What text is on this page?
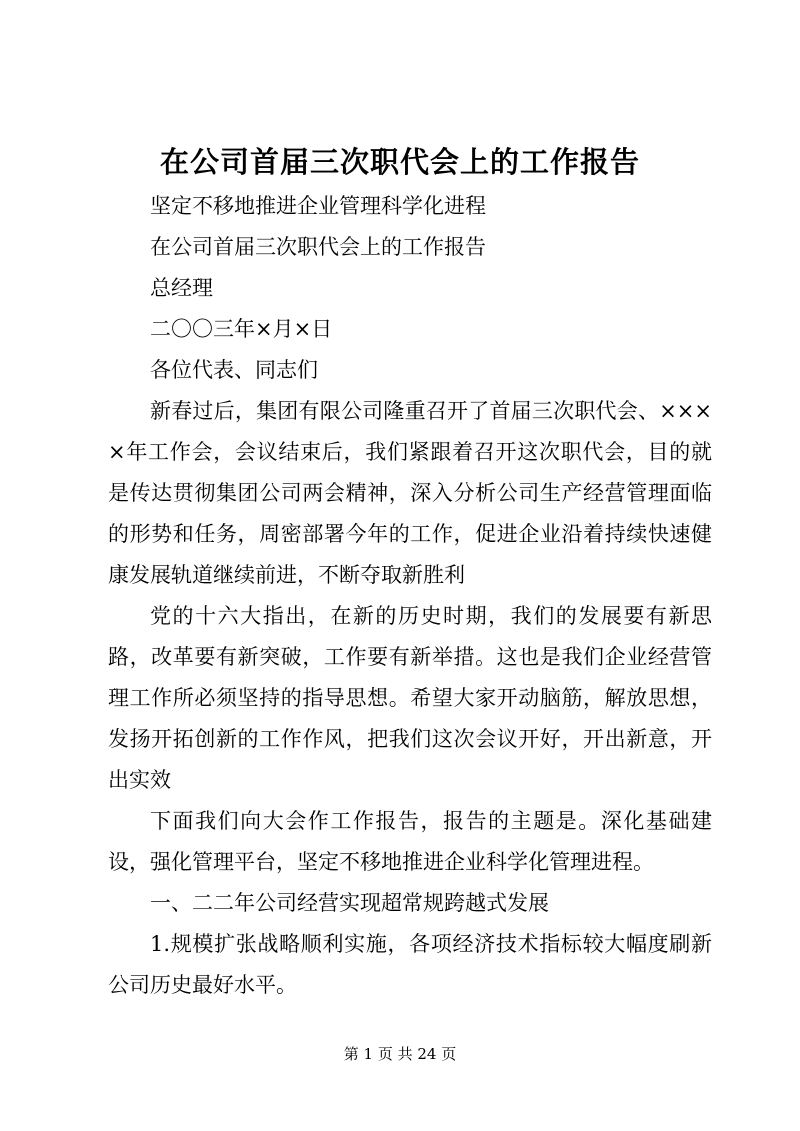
在公司首届三次职代会上的工作报告

坚定不移地推进企业管理科学化进程

在公司首届三次职代会上的工作报告

总经理

二〇〇三年×月×日

各位代表、同志们

新春过后，集团有限公司隆重召开了首届三次职代会、××××年工作会，会议结束后，我们紧跟着召开这次职代会，目的就是传达贯彻集团公司两会精神，深入分析公司生产经营管理面临的形势和任务，周密部署今年的工作，促进企业沿着持续快速健康发展轨道继续前进，不断夺取新胜利

党的十六大指出，在新的历史时期，我们的发展要有新思路，改革要有新突破，工作要有新举措。这也是我们企业经营管理工作所必须坚持的指导思想。希望大家开动脑筋，解放思想，发扬开拓创新的工作作风，把我们这次会议开好，开出新意，开出实效

下面我们向大会作工作报告，报告的主题是。深化基础建设，强化管理平台，坚定不移地推进企业科学化管理进程。

一、二二年公司经营实现超常规跨越式发展

1.规模扩张战略顺利实施，各项经济技术指标较大幅度刷新公司历史最好水平。

第 1 页 共 24 页
